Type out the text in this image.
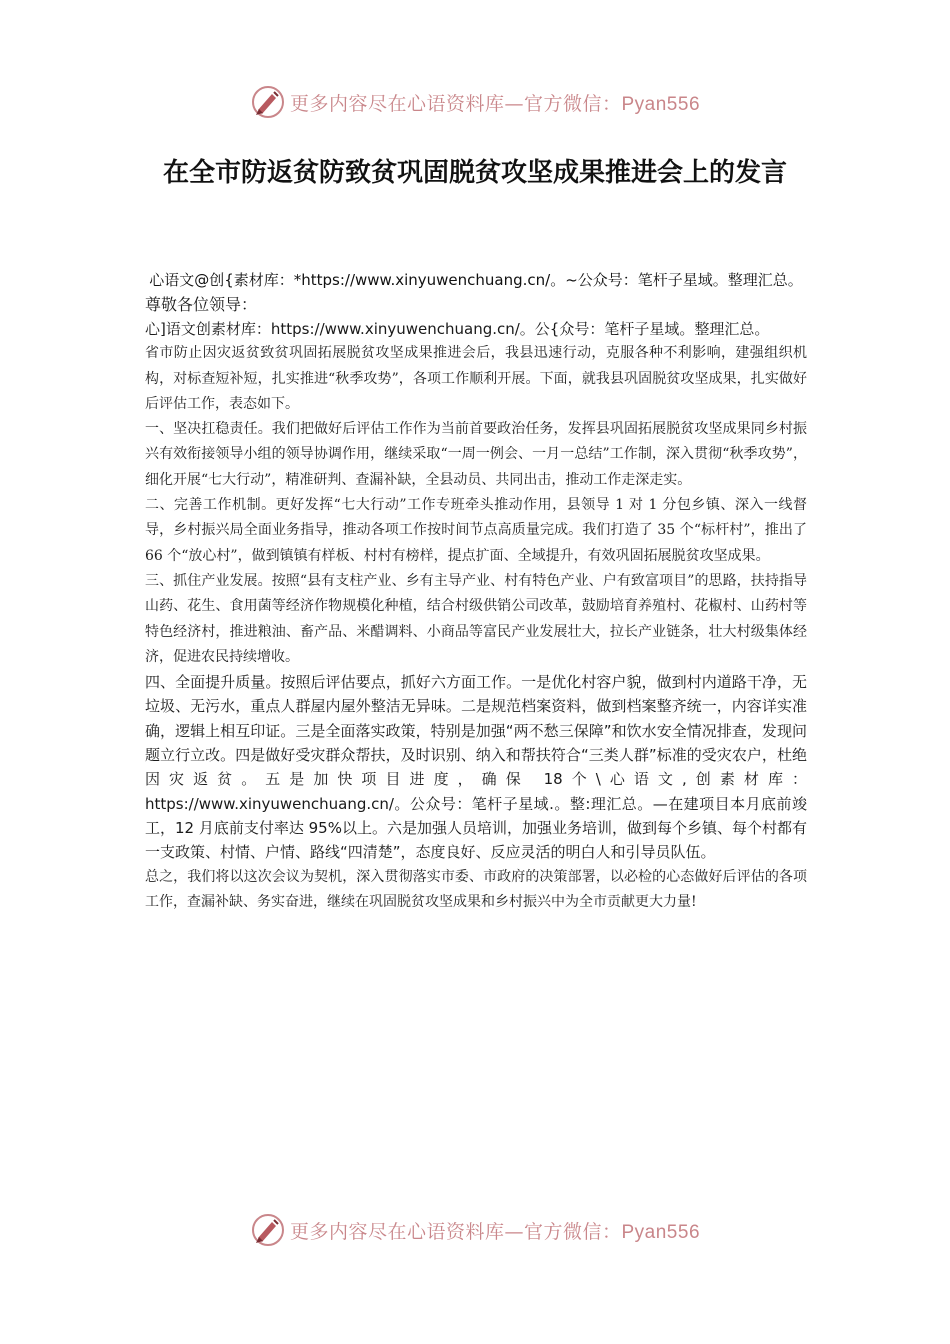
更多内容尽在心语资料库—官方微信：Pyan556
在全市防返贫防致贫巩固脱贫攻坚成果推进会上的发言

心语文@创{素材库：*https://www.xinyuwenchuang.cn/。~公众号：笔杆子星域。整理汇总。

尊敬各位领导：

心]语文创素材库：https://www.xinyuwenchuang.cn/。公{众号：笔杆子星域。整理汇总。

省市防止因灾返贫致贫巩固拓展脱贫攻坚成果推进会后，我县迅速行动，克服各种不利影响，建强组织机构，对标查短补短，扎实推进“秋季攻势”，各项工作顺利开展。下面，就我县巩固脱贫攻坚成果，扎实做好后评估工作，表态如下。

一、坚决扛稳责任。我们把做好后评估工作作为当前首要政治任务，发挥县巩固拓展脱贫攻坚成果同乡村振兴有效衔接领导小组的领导协调作用，继续采取“一周一例会、一月一总结”工作制，深入贯彻“秋季攻势”，细化开展“七大行动”，精准研判、查漏补缺，全县动员、共同出击，推动工作走深走实。

二、完善工作机制。更好发挥“七大行动”工作专班牵头推动作用，县领导 1 对 1 分包乡镇、深入一线督导，乡村振兴局全面业务指导，推动各项工作按时间节点高质量完成。我们打造了 35 个“标杆村”，推出了 66 个“放心村”，做到镇镇有样板、村村有榜样，提点扩面、全域提升，有效巩固拓展脱贫攻坚成果。

三、抓住产业发展。按照“县有支柱产业、乡有主导产业、村有特色产业、户有致富项目”的思路，扶持指导山药、花生、食用菌等经济作物规模化种植，结合村级供销公司改革，鼓励培育养殖村、花椒村、山药村等特色经济村，推进粮油、畜产品、米醋调料、小商品等富民产业发展壮大，拉长产业链条，壮大村级集体经济，促进农民持续增收。

四、全面提升质量。按照后评估要点，抓好六方面工作。一是优化村容户貌，做到村内道路干净，无垃圾、无污水，重点人群屋内屋外整洁无异味。二是规范档案资料，做到档案整齐统一，内容详实准确，逻辑上相互印证。三是全面落实政策，特别是加强“两不愁三保障”和饮水安全情况排查，发现问题立行立改。四是做好受灾群众帮扶，及时识别、纳入和帮扶符合“三类人群”标准的受灾农户，杜绝因灾返贫。五是加快项目进度，确保 18个\心语文,创素材库：https://www.xinyuwenchuang.cn/。公众号：笔杆子星域.。整:理汇总。—在建项目本月底前竣工，12 月底前支付率达 95%以上。六是加强人员培训，加强业务培训，做到每个乡镇、每个村都有一支政策、村情、户情、路线“四清楚”，态度良好、反应灵活的明白人和引导员队伍。

总之，我们将以这次会议为契机，深入贯彻落实市委、市政府的决策部署，以必检的心态做好后评估的各项工作，查漏补缺、务实奋进，继续在巩固脱贫攻坚成果和乡村振兴中为全市贡献更大力量!

更多内容尽在心语资料库—官方微信：Pyan556
